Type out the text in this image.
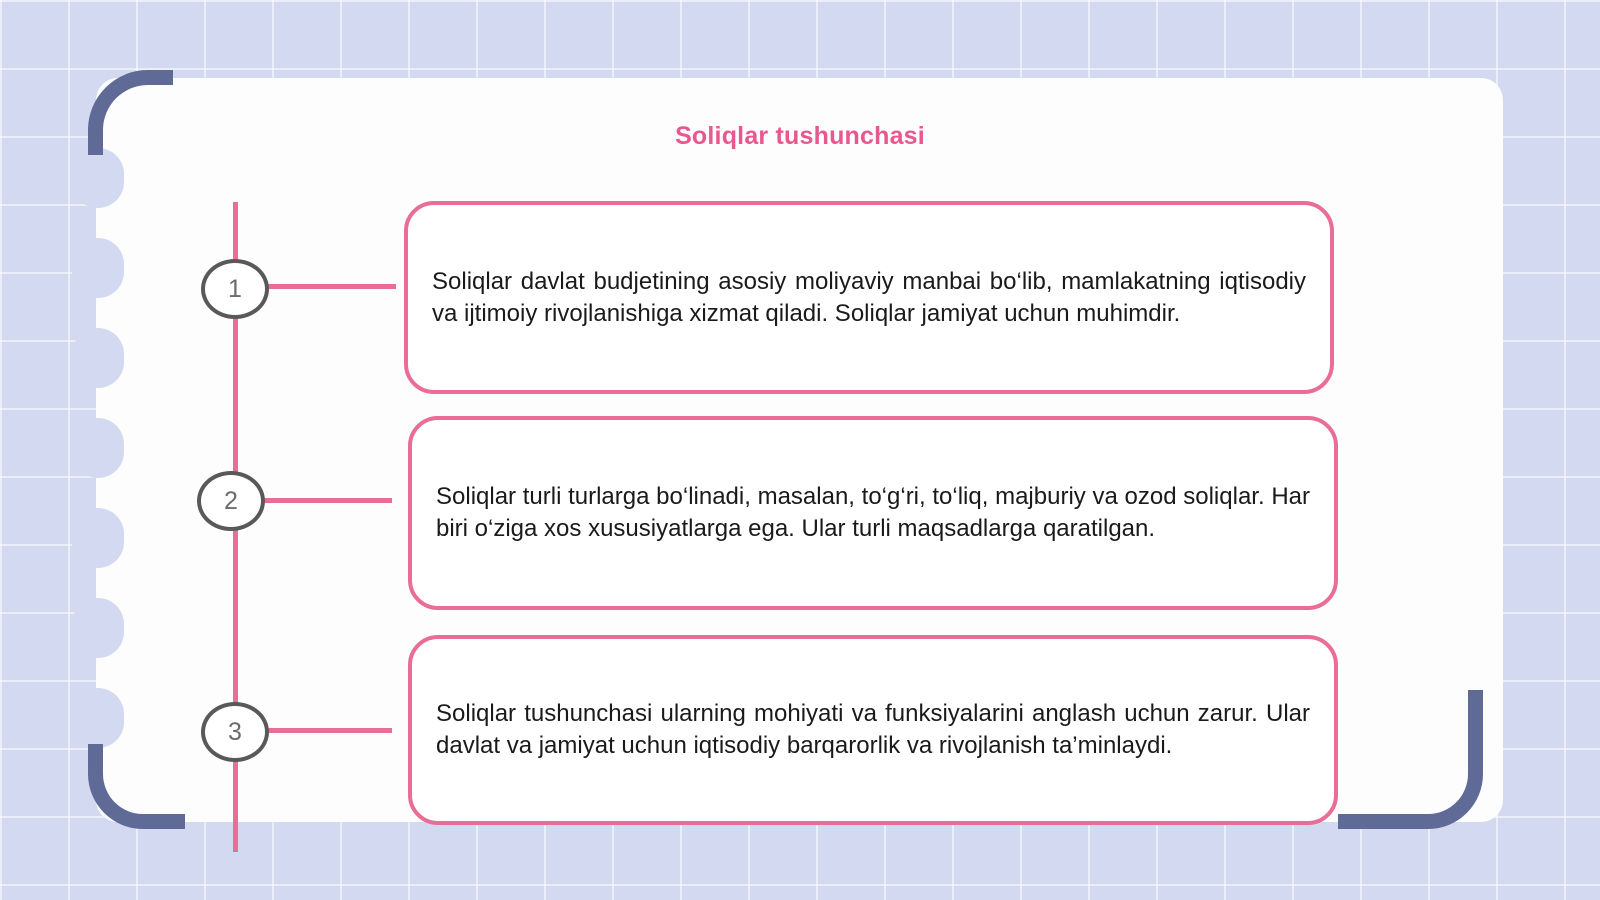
Soliqlar tushunchasi
1
2
3

Soliqlar davlat budjetining asosiy moliyaviy manbai bo‘lib, mamlakatning iqtisodiy va ijtimoiy rivojlanishiga xizmat qiladi. Soliqlar jamiyat uchun muhimdir.

Soliqlar turli turlarga bo‘linadi, masalan, to‘g‘ri, to‘liq, majburiy va ozod soliqlar. Har biri o‘ziga xos xususiyatlarga ega. Ular turli maqsadlarga qaratilgan.

Soliqlar tushunchasi ularning mohiyati va funksiyalarini anglash uchun zarur. Ular davlat va jamiyat uchun iqtisodiy barqarorlik va rivojlanish ta’minlaydi.
